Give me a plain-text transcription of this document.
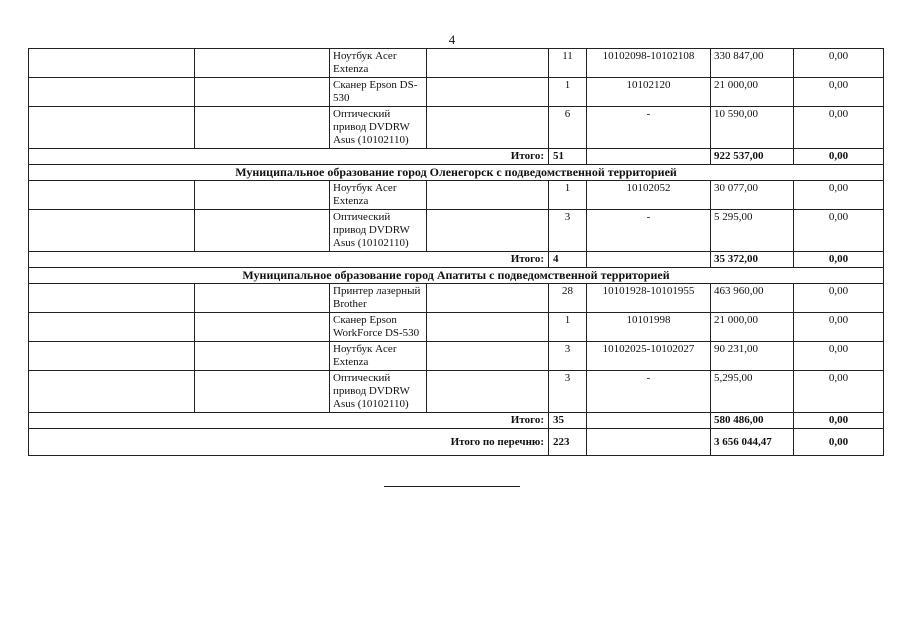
4
		Ноутбук Acer Extenza		11	10102098-10102108	330 847,00	0,00
		Сканер Epson DS-530		1	10102120	21 000,00	0,00
		Оптический привод DVDRW Asus (10102110)		6	-	10 590,00	0,00
Итого:				51		922 537,00	0,00
Муниципальное образование город Оленегорск с подведомственной территорией							
		Ноутбук Acer Extenza		1	10102052	30 077,00	0,00
		Оптический привод DVDRW Asus (10102110)		3	-	5 295,00	0,00
Итого:				4		35 372,00	0,00
Муниципальное образование город Апатиты с подведомственной территорией							
		Принтер лазерный Brother		28	10101928-10101955	463 960,00	0,00
		Сканер Epson WorkForce DS-530		1	10101998	21 000,00	0,00
		Ноутбук Acer Extenza		3	10102025-10102027	90 231,00	0,00
		Оптический привод DVDRW Asus (10102110)		3	-	5,295,00	0,00
Итого:				35		580 486,00	0,00
Итого по перечню:				223		3 656 044,47	0,00
